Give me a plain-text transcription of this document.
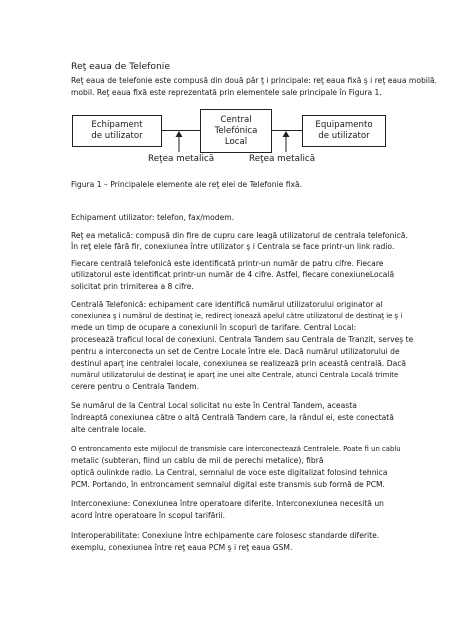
Reţ eaua de Telefonie
Reţ eaua de telefonie este compusă din două păr ţ i principale: reţ eaua fixă ş i reţ eaua mobilă.
mobil. Reţ eaua fixă este reprezentată prin elementele sale principale în Figura 1.
Echipament
de utilizator
Central
Telefónica
Local
Equipamento
de utilizator
Reţea metalică	Reţea metalică
Figura 1 – Principalele elemente ale reţ elei de Telefonie fixă.
Echipament utilizator: telefon, fax/modem.
Reţ ea metalică: compusă din fire de cupru care leagă utilizatorul de centrala telefonică.
În reţ elele fără fir, conexiunea între utilizator ş i Centrala se face printr-un link radio.
Fiecare centrală telefonică este identificată printr-un număr de patru cifre. Fiecare
utilizatorul este identificat printr-un număr de 4 cifre. Astfel, fiecare conexiuneLocală
solicitat prin trimiterea a 8 cifre.
Centrală Telefonică: echipament care identifică numărul utilizatorului originator al
conexiunea ş i numărul de destinaţ ie, redirecţ ionează apelul către utilizatorul de destinaţ ie ş i
mede un timp de ocupare a conexiunii în scopuri de tarifare. Central Local:
procesează traficul local de conexiuni. Centrala Tandem sau Centrala de Tranzit, serveş te
pentru a interconecta un set de Centre Locale între ele. Dacă numărul utilizatorului de
destinul aparţ ine centralei locale, conexiunea se realizează prin această centrală. Dacă
numărul utilizatorului de destinaţ ie aparţ ine unei alte Centrale, atunci Centrala Locală trimite
cerere pentru o Centrala Tandem.
Se numărul de la Central Local solicitat nu este în Central Tandem, aceasta
îndreaptă conexiunea către o altă Centrală Tandem care, la rândul ei, este conectată
alte centrale locale.
O entroncamento este mijlocul de transmisie care interconectează Centralele. Poate fi un cablu
metalic (subteran, fiind un cablu de mii de perechi metalice), fibră
optică oulinkde radio. La Central, semnalul de voce este digitalizat folosind tehnica
PCM. Portando, în entroncament semnalul digital este transmis sub formă de PCM.
Interconexiune: Conexiunea între operatoare diferite. Interconexiunea necesită un
acord între operatoare în scopul tarifării.
Interoperabilitate: Conexiune între echipamente care folosesc standarde diferite.
exemplu, conexiunea între reţ eaua PCM ş i reţ eaua GSM.
